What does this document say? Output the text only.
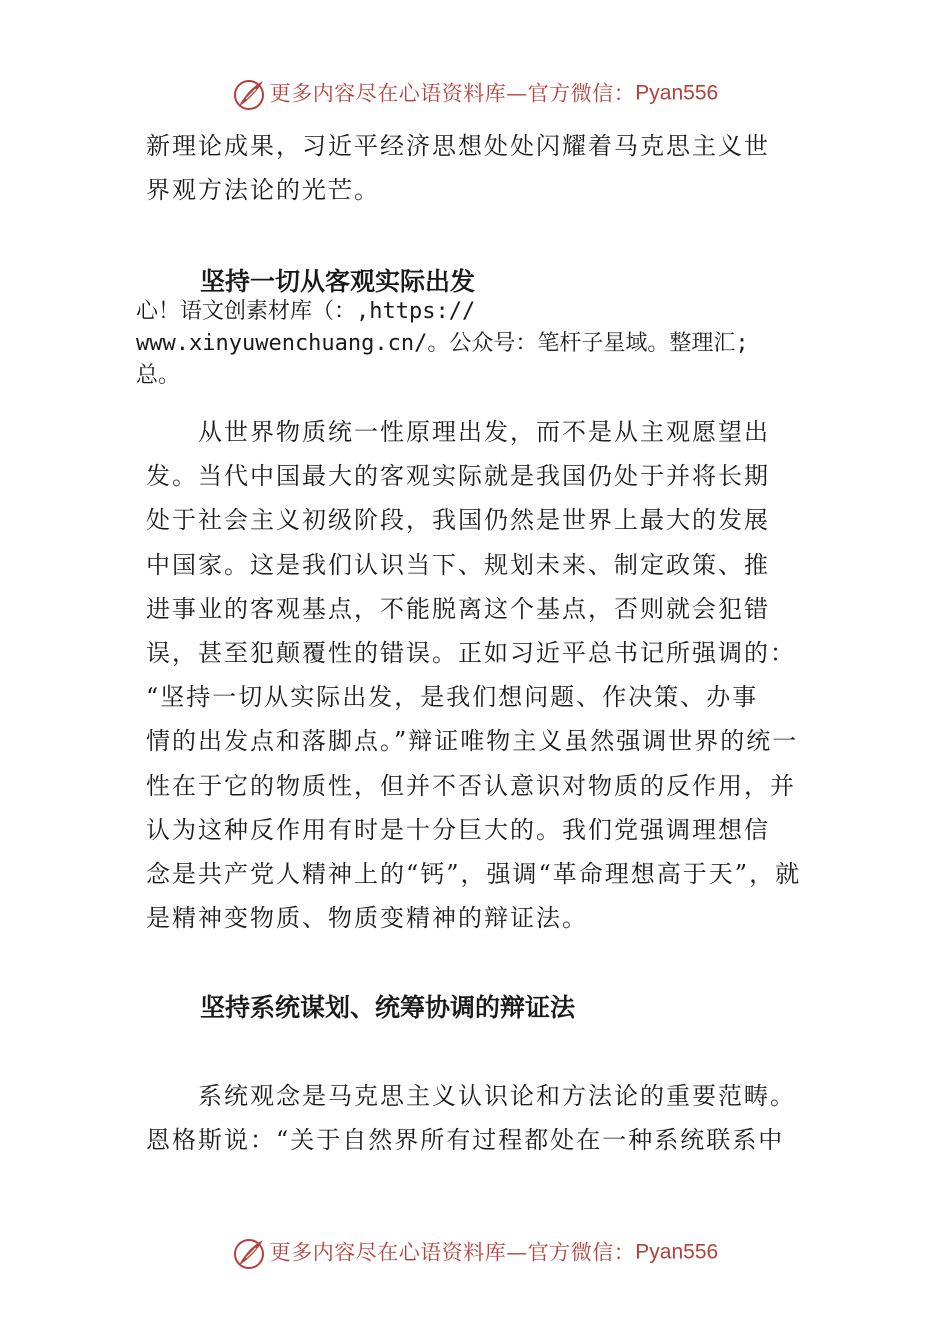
更多内容尽在心语资料库—官方微信：Pyan556
新理论成果，习近平经济思想处处闪耀着马克思主义世
界观方法论的光芒。
坚持一切从客观实际出发
心！语文创素材库（：,https://
www.xinyuwenchuang.cn/。公众号：笔杆子星域。整理汇;
总。
　　从世界物质统一性原理出发，而不是从主观愿望出
发。当代中国最大的客观实际就是我国仍处于并将长期
处于社会主义初级阶段，我国仍然是世界上最大的发展
中国家。这是我们认识当下、规划未来、制定政策、推
进事业的客观基点，不能脱离这个基点，否则就会犯错
误，甚至犯颠覆性的错误。正如习近平总书记所强调的：
“坚持一切从实际出发，是我们想问题、作决策、办事
情的出发点和落脚点。”辩证唯物主义虽然强调世界的统一
性在于它的物质性，但并不否认意识对物质的反作用，并
认为这种反作用有时是十分巨大的。我们党强调理想信
念是共产党人精神上的“钙”，强调“革命理想高于天”，就
是精神变物质、物质变精神的辩证法。
坚持系统谋划、统筹协调的辩证法
　　系统观念是马克思主义认识论和方法论的重要范畴。
恩格斯说：“关于自然界所有过程都处在一种系统联系中
更多内容尽在心语资料库—官方微信：Pyan556
